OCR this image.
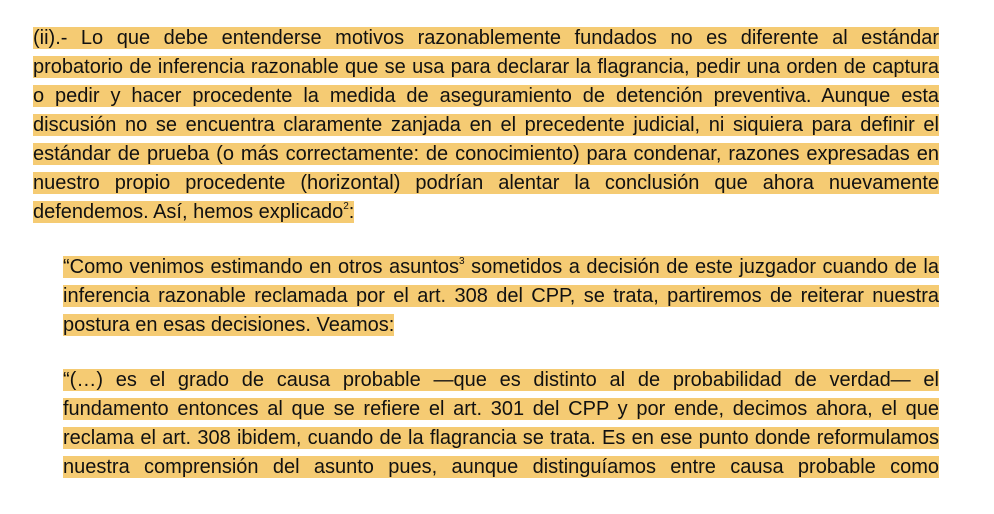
(ii).- Lo que debe entenderse motivos razonablemente fundados no es diferente al estándar
probatorio de inferencia razonable que se usa para declarar la flagrancia, pedir una orden de captura
o pedir y hacer procedente la medida de aseguramiento de detención preventiva. Aunque esta
discusión no se encuentra claramente zanjada en el precedente judicial, ni siquiera para definir el
estándar de prueba (o más correctamente: de conocimiento) para condenar, razones expresadas en
nuestro propio procedente (horizontal) podrían alentar la conclusión que ahora nuevamente
defendemos. Así, hemos explicado$^2$:
“Como venimos estimando en otros asuntos$^3$ sometidos a decisión de este juzgador cuando de la
inferencia razonable reclamada por el art. 308 del CPP, se trata, partiremos de reiterar nuestra
postura en esas decisiones. Veamos:
“(…) es el grado de causa probable —que es distinto al de probabilidad de verdad— el
fundamento entonces al que se refiere el art. 301 del CPP y por ende, decimos ahora, el que
reclama el art. 308 ibidem, cuando de la flagrancia se trata. Es en ese punto donde reformulamos
nuestra comprensión del asunto pues, aunque distinguíamos entre causa probable como
